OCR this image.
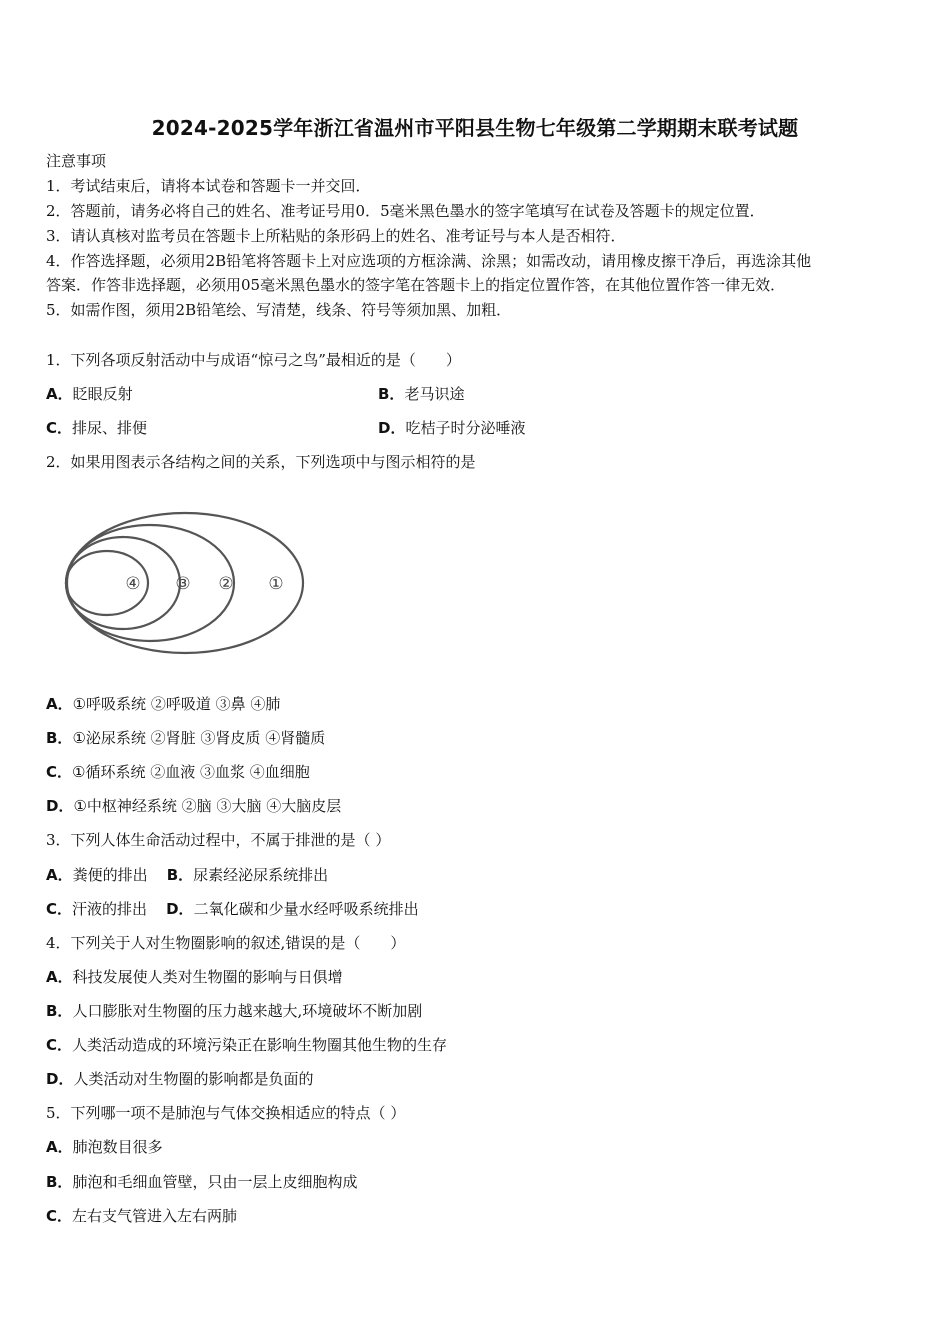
2024-2025学年浙江省温州市平阳县生物七年级第二学期期末联考试题
注意事项
1．考试结束后，请将本试卷和答题卡一并交回．
2．答题前，请务必将自己的姓名、准考证号用0．5毫米黑色墨水的签字笔填写在试卷及答题卡的规定位置．
3．请认真核对监考员在答题卡上所粘贴的条形码上的姓名、准考证号与本人是否相符．
4．作答选择题，必须用2B铅笔将答题卡上对应选项的方框涂满、涂黑；如需改动，请用橡皮擦干净后，再选涂其他
答案．作答非选择题，必须用05毫米黑色墨水的签字笔在答题卡上的指定位置作答，在其他位置作答一律无效．
5．如需作图，须用2B铅笔绘、写清楚，线条、符号等须加黑、加粗．
1．下列各项反射活动中与成语“惊弓之鸟”最相近的是（　　）
A．眨眼反射	B．老马识途
C．排尿、排便	D．吃桔子时分泌唾液
2．如果用图表示各结构之间的关系，下列选项中与图示相符的是
④ ③ ② ①
A．①呼吸系统 ②呼吸道 ③鼻 ④肺
B．①泌尿系统 ②肾脏 ③肾皮质 ④肾髓质
C．①循环系统 ②血液 ③血浆 ④血细胞
D．①中枢神经系统 ②脑 ③大脑 ④大脑皮层
3．下列人体生命活动过程中，不属于排泄的是（ ）
A．粪便的排出 B．尿素经泌尿系统排出
C．汗液的排出 D．二氧化碳和少量水经呼吸系统排出
4．下列关于人对生物圈影响的叙述,错误的是（　　）
A．科技发展使人类对生物圈的影响与日俱增
B．人口膨胀对生物圈的压力越来越大,环境破坏不断加剧
C．人类活动造成的环境污染正在影响生物圈其他生物的生存
D．人类活动对生物圈的影响都是负面的
5．下列哪一项不是肺泡与气体交换相适应的特点（ ）
A．肺泡数目很多
B．肺泡和毛细血管壁，只由一层上皮细胞构成
C．左右支气管进入左右两肺
